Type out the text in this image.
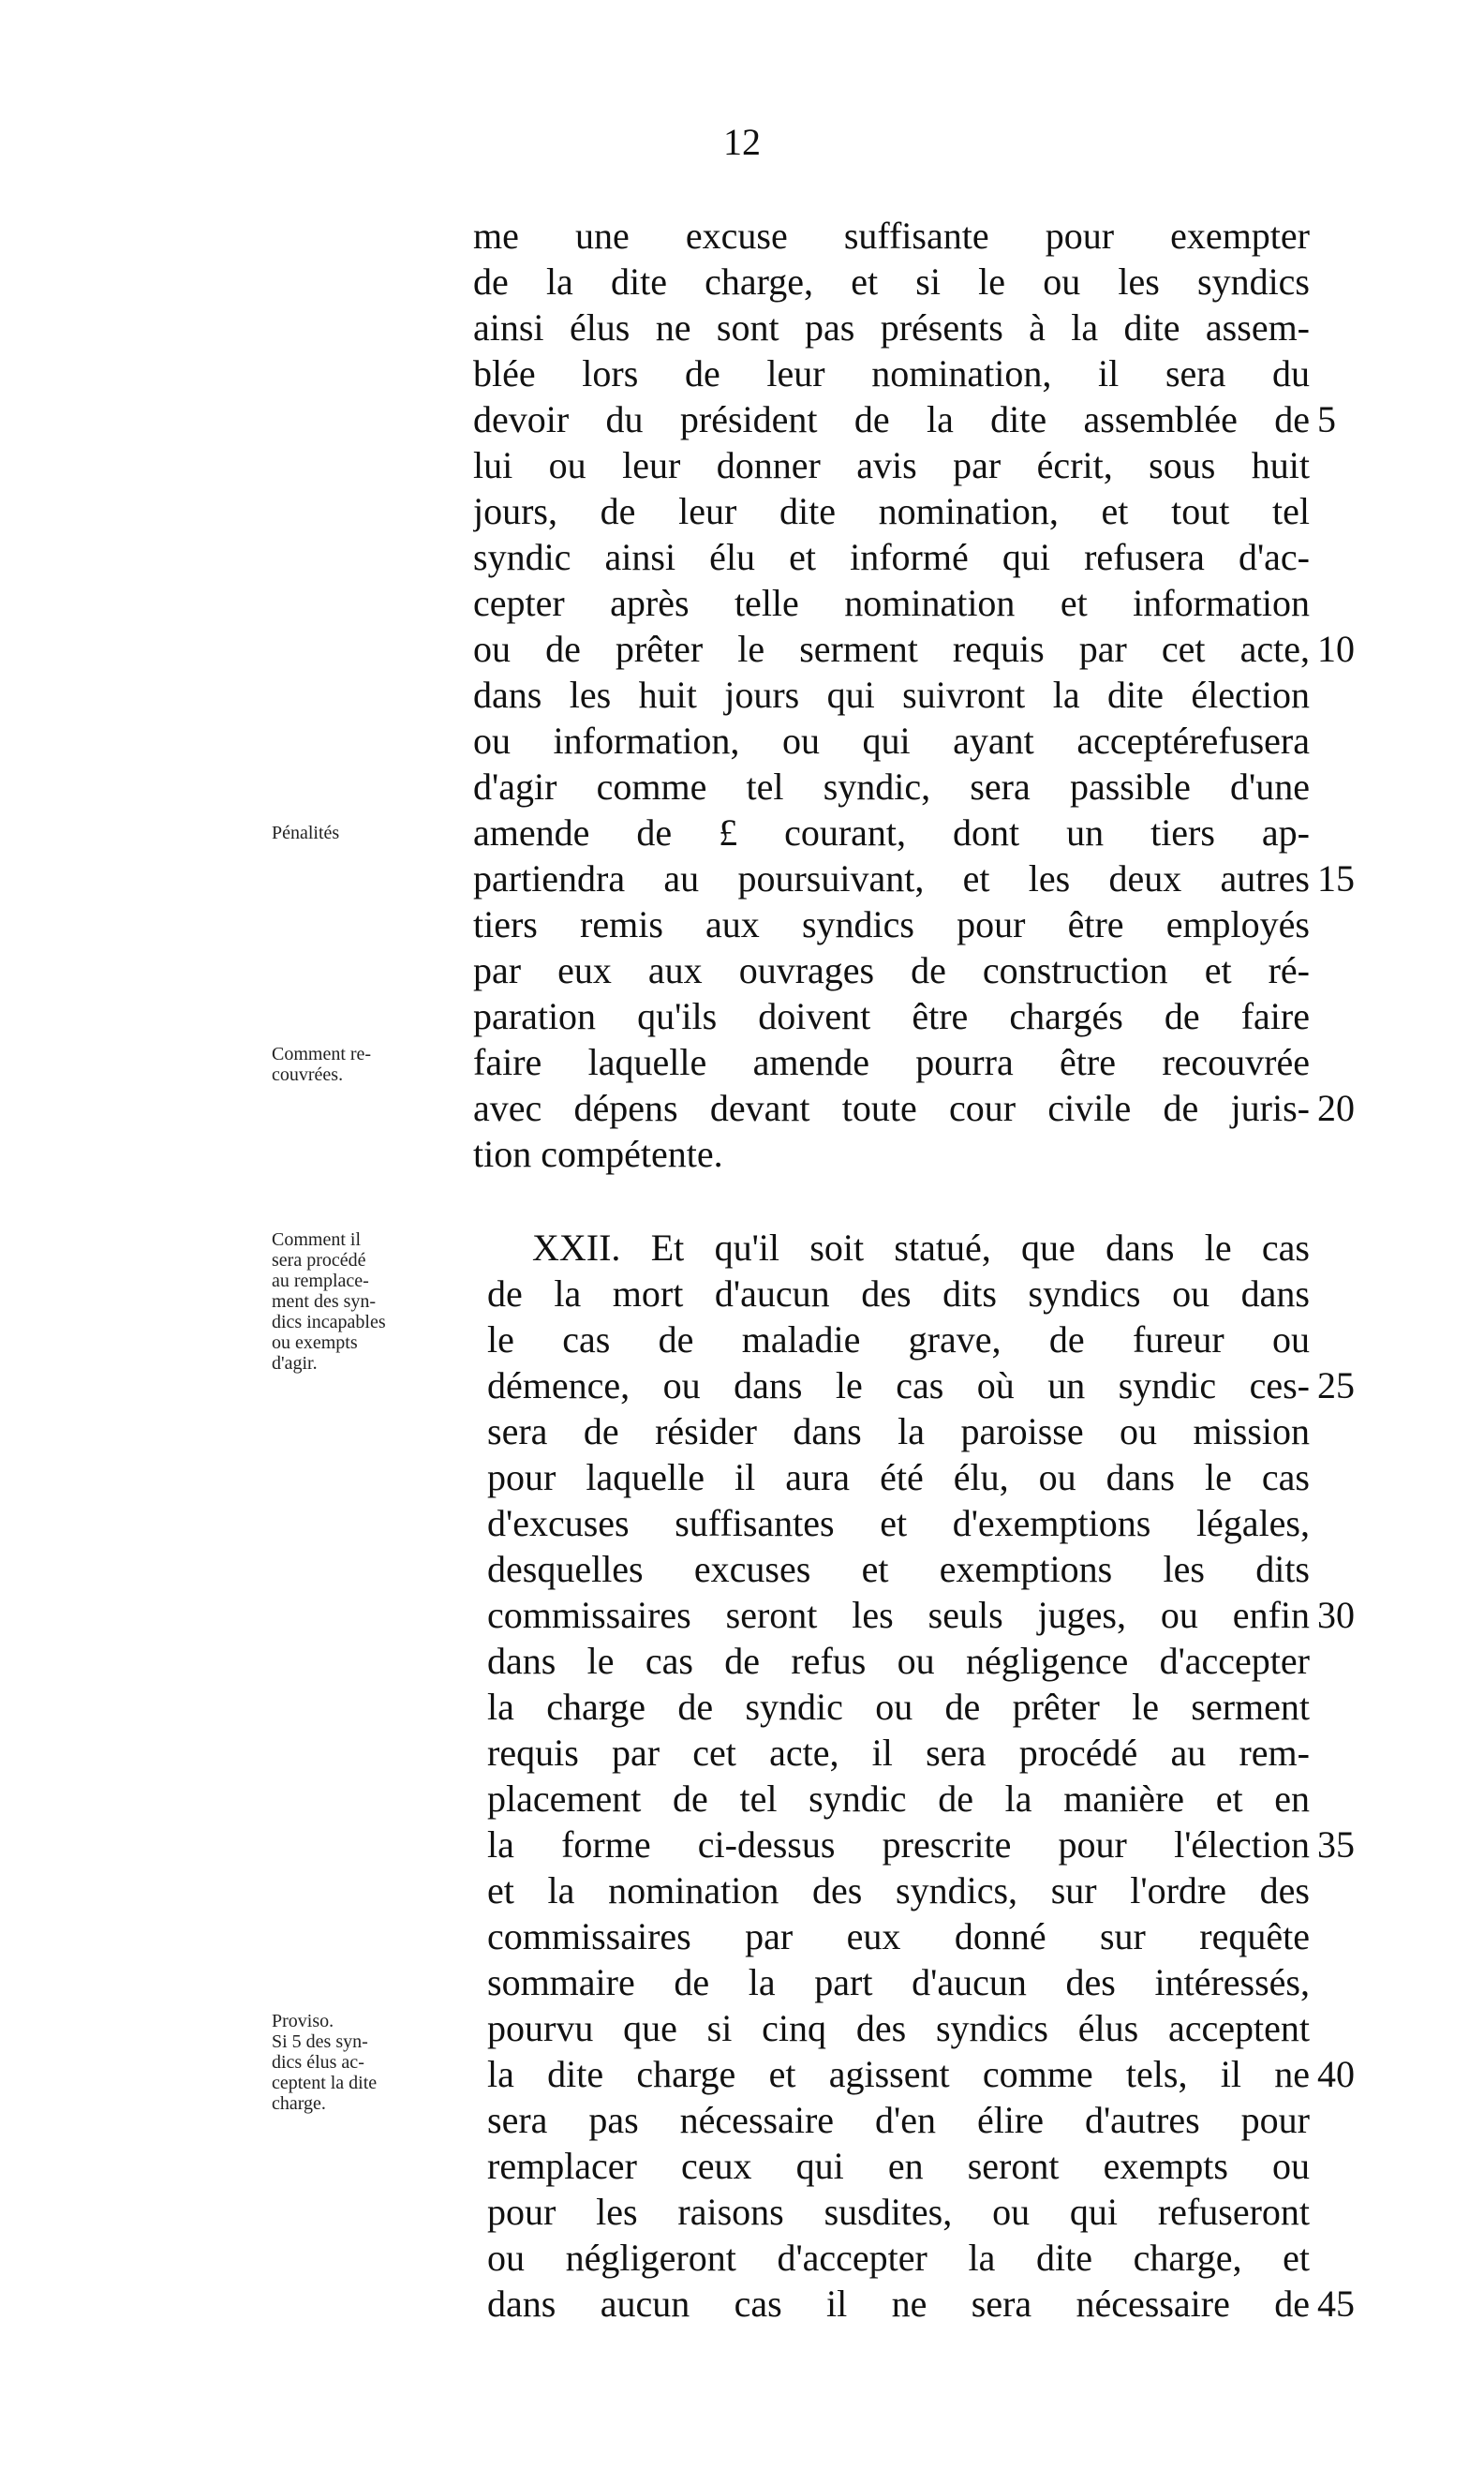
12
me une excuse suffisante pour exempter
de la dite charge, et si le ou les syndics
ainsi élus ne sont pas présents à la dite assem-
blée lors de leur nomination, il sera du
devoir du président de la dite assemblée de
lui ou leur donner avis par écrit, sous huit
jours, de leur dite nomination, et tout tel
syndic ainsi élu et informé qui refusera d'ac-
cepter après telle nomination et information
ou de prêter le serment requis par cet acte,
dans les huit jours qui suivront la dite élection
ou information, ou qui ayant acceptérefusera
d'agir comme tel syndic, sera passible d'une
amende de £ courant, dont un tiers ap-
partiendra au poursuivant, et les deux autres
tiers remis aux syndics pour être employés
par eux aux ouvrages de construction et ré-
paration qu'ils doivent être chargés de faire
faire laquelle amende pourra être recouvrée
avec dépens devant toute cour civile de juris-
tion compétente.
XXII. Et qu'il soit statué, que dans le cas
de la mort d'aucun des dits syndics ou dans
le cas de maladie grave, de fureur ou
démence, ou dans le cas où un syndic ces-
sera de résider dans la paroisse ou mission
pour laquelle il aura été élu, ou dans le cas
d'excuses suffisantes et d'exemptions légales,
desquelles excuses et exemptions les dits
commissaires seront les seuls juges, ou enfin
dans le cas de refus ou négligence d'accepter
la charge de syndic ou de prêter le serment
requis par cet acte, il sera procédé au rem-
placement de tel syndic de la manière et en
la forme ci-dessus prescrite pour l'élection
et la nomination des syndics, sur l'ordre des
commissaires par eux donné sur requête
sommaire de la part d'aucun des intéressés,
pourvu que si cinq des syndics élus acceptent
la dite charge et agissent comme tels, il ne
sera pas nécessaire d'en élire d'autres pour
remplacer ceux qui en seront exempts ou
pour les raisons susdites, ou qui refuseront
ou négligeront d'accepter la dite charge, et
dans aucun cas il ne sera nécessaire de
5
10
15
20
25
30
35
40
45
Pénalités
Comment re-
couvrées.
Comment il
sera procédé
au remplace-
ment des syn-
dics incapables
ou exempts
d'agir.
Proviso.
Si 5 des syn-
dics élus ac-
ceptent la dite
charge.
